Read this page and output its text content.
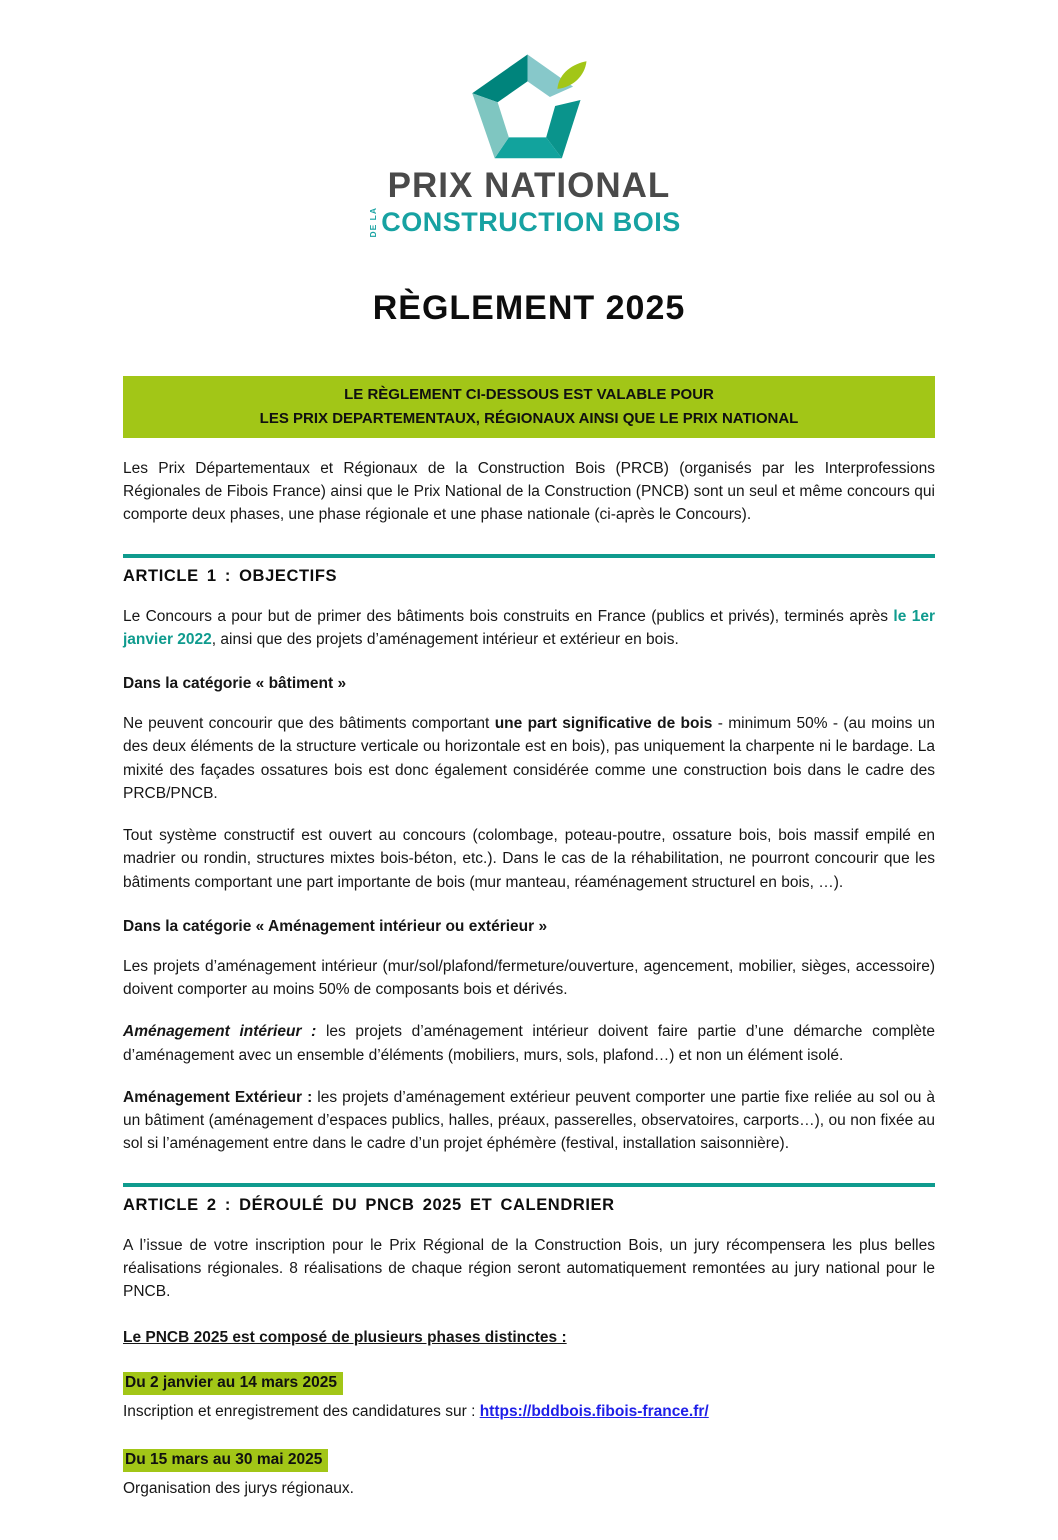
PRIX NATIONAL
DE LA CONSTRUCTION BOIS
RÈGLEMENT 2025
LE RÈGLEMENT CI-DESSOUS EST VALABLE POUR
LES PRIX DEPARTEMENTAUX, RÉGIONAUX AINSI QUE LE PRIX NATIONAL

Les Prix Départementaux et Régionaux de la Construction Bois (PRCB) (organisés par les Interprofessions Régionales de Fibois France) ainsi que le Prix National de la Construction (PNCB) sont un seul et même concours qui comporte deux phases, une phase régionale et une phase nationale (ci-après le Concours).

ARTICLE 1 : OBJECTIFS

Le Concours a pour but de primer des bâtiments bois construits en France (publics et privés), terminés après le 1er janvier 2022, ainsi que des projets d’aménagement intérieur et extérieur en bois.

Dans la catégorie « bâtiment »

Ne peuvent concourir que des bâtiments comportant une part significative de bois - minimum 50% - (au moins un des deux éléments de la structure verticale ou horizontale est en bois), pas uniquement la charpente ni le bardage. La mixité des façades ossatures bois est donc également considérée comme une construction bois dans le cadre des PRCB/PNCB.

Tout système constructif est ouvert au concours (colombage, poteau-poutre, ossature bois, bois massif empilé en madrier ou rondin, structures mixtes bois-béton, etc.). Dans le cas de la réhabilitation, ne pourront concourir que les bâtiments comportant une part importante de bois (mur manteau, réaménagement structurel en bois, …).

Dans la catégorie « Aménagement intérieur ou extérieur »

Les projets d’aménagement intérieur (mur/sol/plafond/fermeture/ouverture, agencement, mobilier, sièges, accessoire) doivent comporter au moins 50% de composants bois et dérivés.

Aménagement intérieur : les projets d’aménagement intérieur doivent faire partie d’une démarche complète d’aménagement avec un ensemble d’éléments (mobiliers, murs, sols, plafond…) et non un élément isolé.

Aménagement Extérieur : les projets d’aménagement extérieur peuvent comporter une partie fixe reliée au sol ou à un bâtiment (aménagement d’espaces publics, halles, préaux, passerelles, observatoires, carports…), ou non fixée au sol si l’aménagement entre dans le cadre d’un projet éphémère (festival, installation saisonnière).

ARTICLE 2 : DÉROULÉ DU PNCB 2025 ET CALENDRIER

A l’issue de votre inscription pour le Prix Régional de la Construction Bois, un jury récompensera les plus belles réalisations régionales. 8 réalisations de chaque région seront automatiquement remontées au jury national pour le PNCB.

Le PNCB 2025 est composé de plusieurs phases distinctes :

Du 2 janvier au 14 mars 2025
Inscription et enregistrement des candidatures sur : https://bddbois.fibois-france.fr/
Du 15 mars au 30 mai 2025
Organisation des jurys régionaux.
